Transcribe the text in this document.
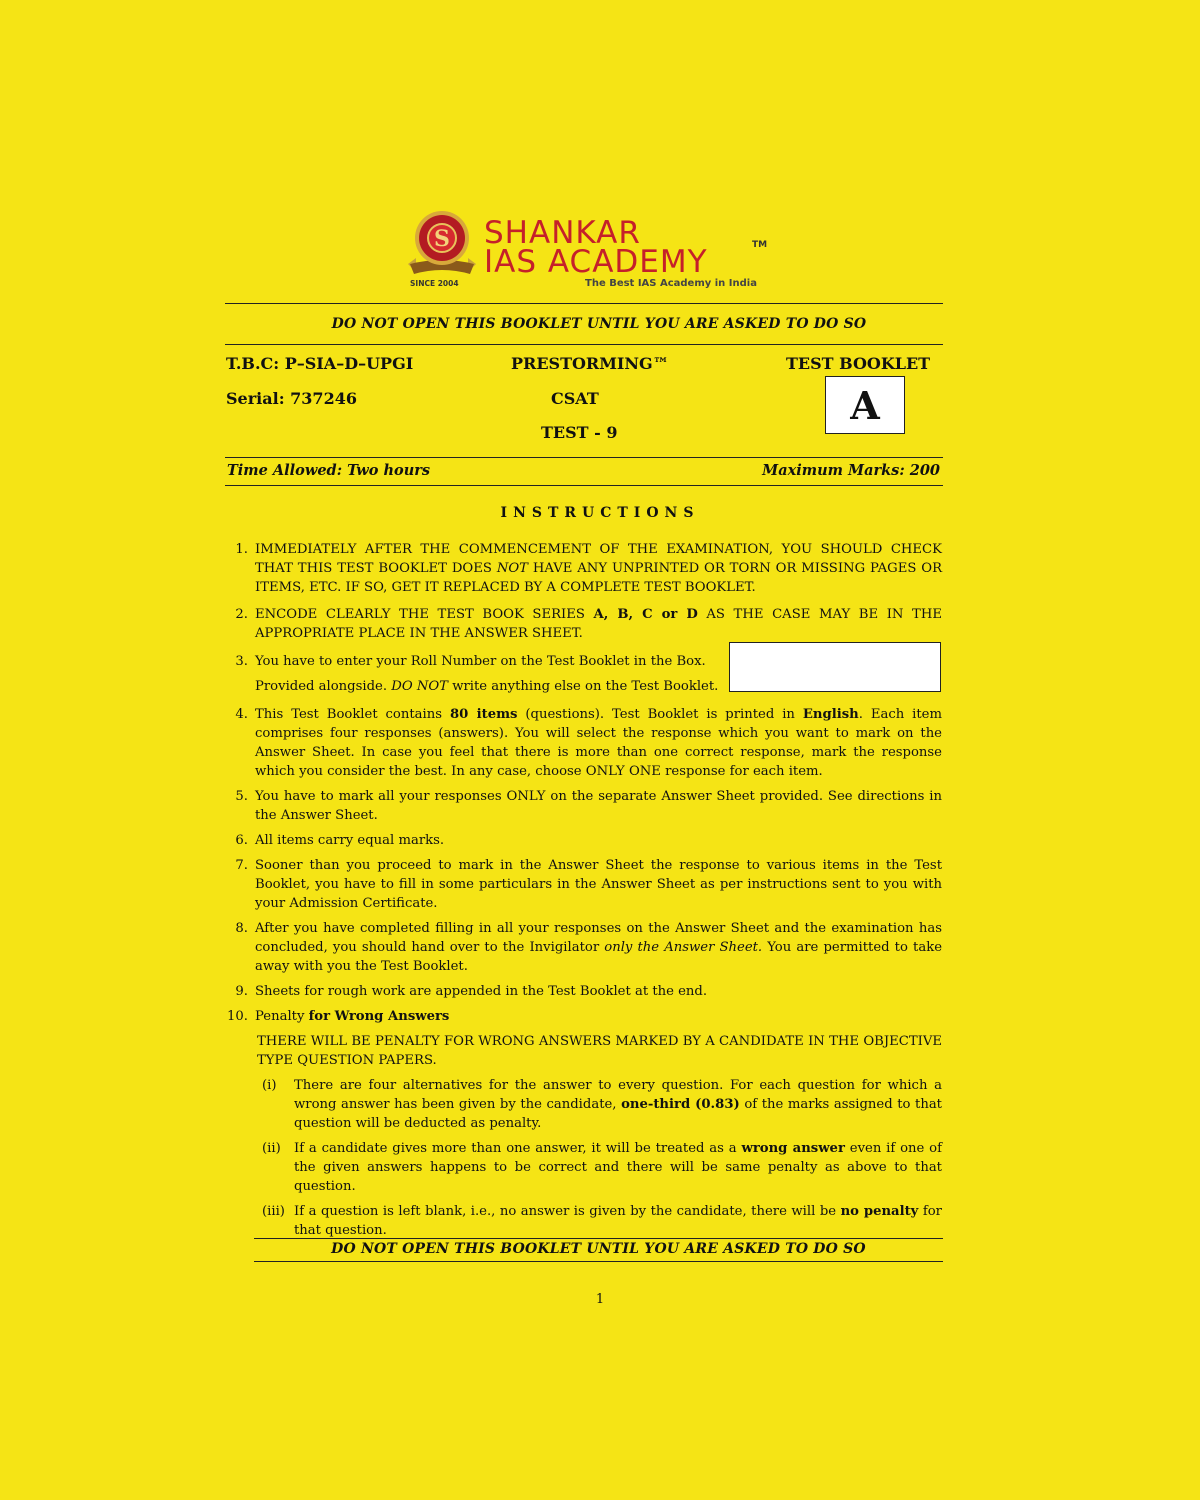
S
SINCE 2004
SHANKAR
IAS ACADEMY	TM
The Best IAS Academy in India
DO NOT OPEN THIS BOOKLET UNTIL YOU ARE ASKED TO DO SO
T.B.C: P–SIA–D–UPGI	PRESTORMING™	TEST BOOKLET
Serial: 737246	CSAT
TEST - 9
A
Time Allowed: Two hours	Maximum Marks: 200
INSTRUCTIONS
1. IMMEDIATELY AFTER THE COMMENCEMENT OF THE EXAMINATION, YOU SHOULD CHECK THAT THIS TEST BOOKLET DOES NOT HAVE ANY UNPRINTED OR TORN OR MISSING PAGES OR ITEMS, ETC. IF SO, GET IT REPLACED BY A COMPLETE TEST BOOKLET.
2. ENCODE CLEARLY THE TEST BOOK SERIES A, B, C or D AS THE CASE MAY BE IN THE APPROPRIATE PLACE IN THE ANSWER SHEET.
3. You have to enter your Roll Number on the Test Booklet in the Box.
Provided alongside. DO NOT write anything else on the Test Booklet.
4. This Test Booklet contains 80 items (questions). Test Booklet is printed in English. Each item comprises four responses (answers). You will select the response which you want to mark on the Answer Sheet. In case you feel that there is more than one correct response, mark the response which you consider the best. In any case, choose ONLY ONE response for each item.
5. You have to mark all your responses ONLY on the separate Answer Sheet provided. See directions in the Answer Sheet.
6. All items carry equal marks.
7. Sooner than you proceed to mark in the Answer Sheet the response to various items in the Test Booklet, you have to fill in some particulars in the Answer Sheet as per instructions sent to you with your Admission Certificate.
8. After you have completed filling in all your responses on the Answer Sheet and the examination has concluded, you should hand over to the Invigilator only the Answer Sheet. You are permitted to take away with you the Test Booklet.
9. Sheets for rough work are appended in the Test Booklet at the end.
10. Penalty for Wrong Answers
THERE WILL BE PENALTY FOR WRONG ANSWERS MARKED BY A CANDIDATE IN THE OBJECTIVE TYPE QUESTION PAPERS.
(i) There are four alternatives for the answer to every question. For each question for which a wrong answer has been given by the candidate, one-third (0.83) of the marks assigned to that question will be deducted as penalty.
(ii) If a candidate gives more than one answer, it will be treated as a wrong answer even if one of the given answers happens to be correct and there will be same penalty as above to that question.
(iii) If a question is left blank, i.e., no answer is given by the candidate, there will be no penalty for that question.
DO NOT OPEN THIS BOOKLET UNTIL YOU ARE ASKED TO DO SO
1
